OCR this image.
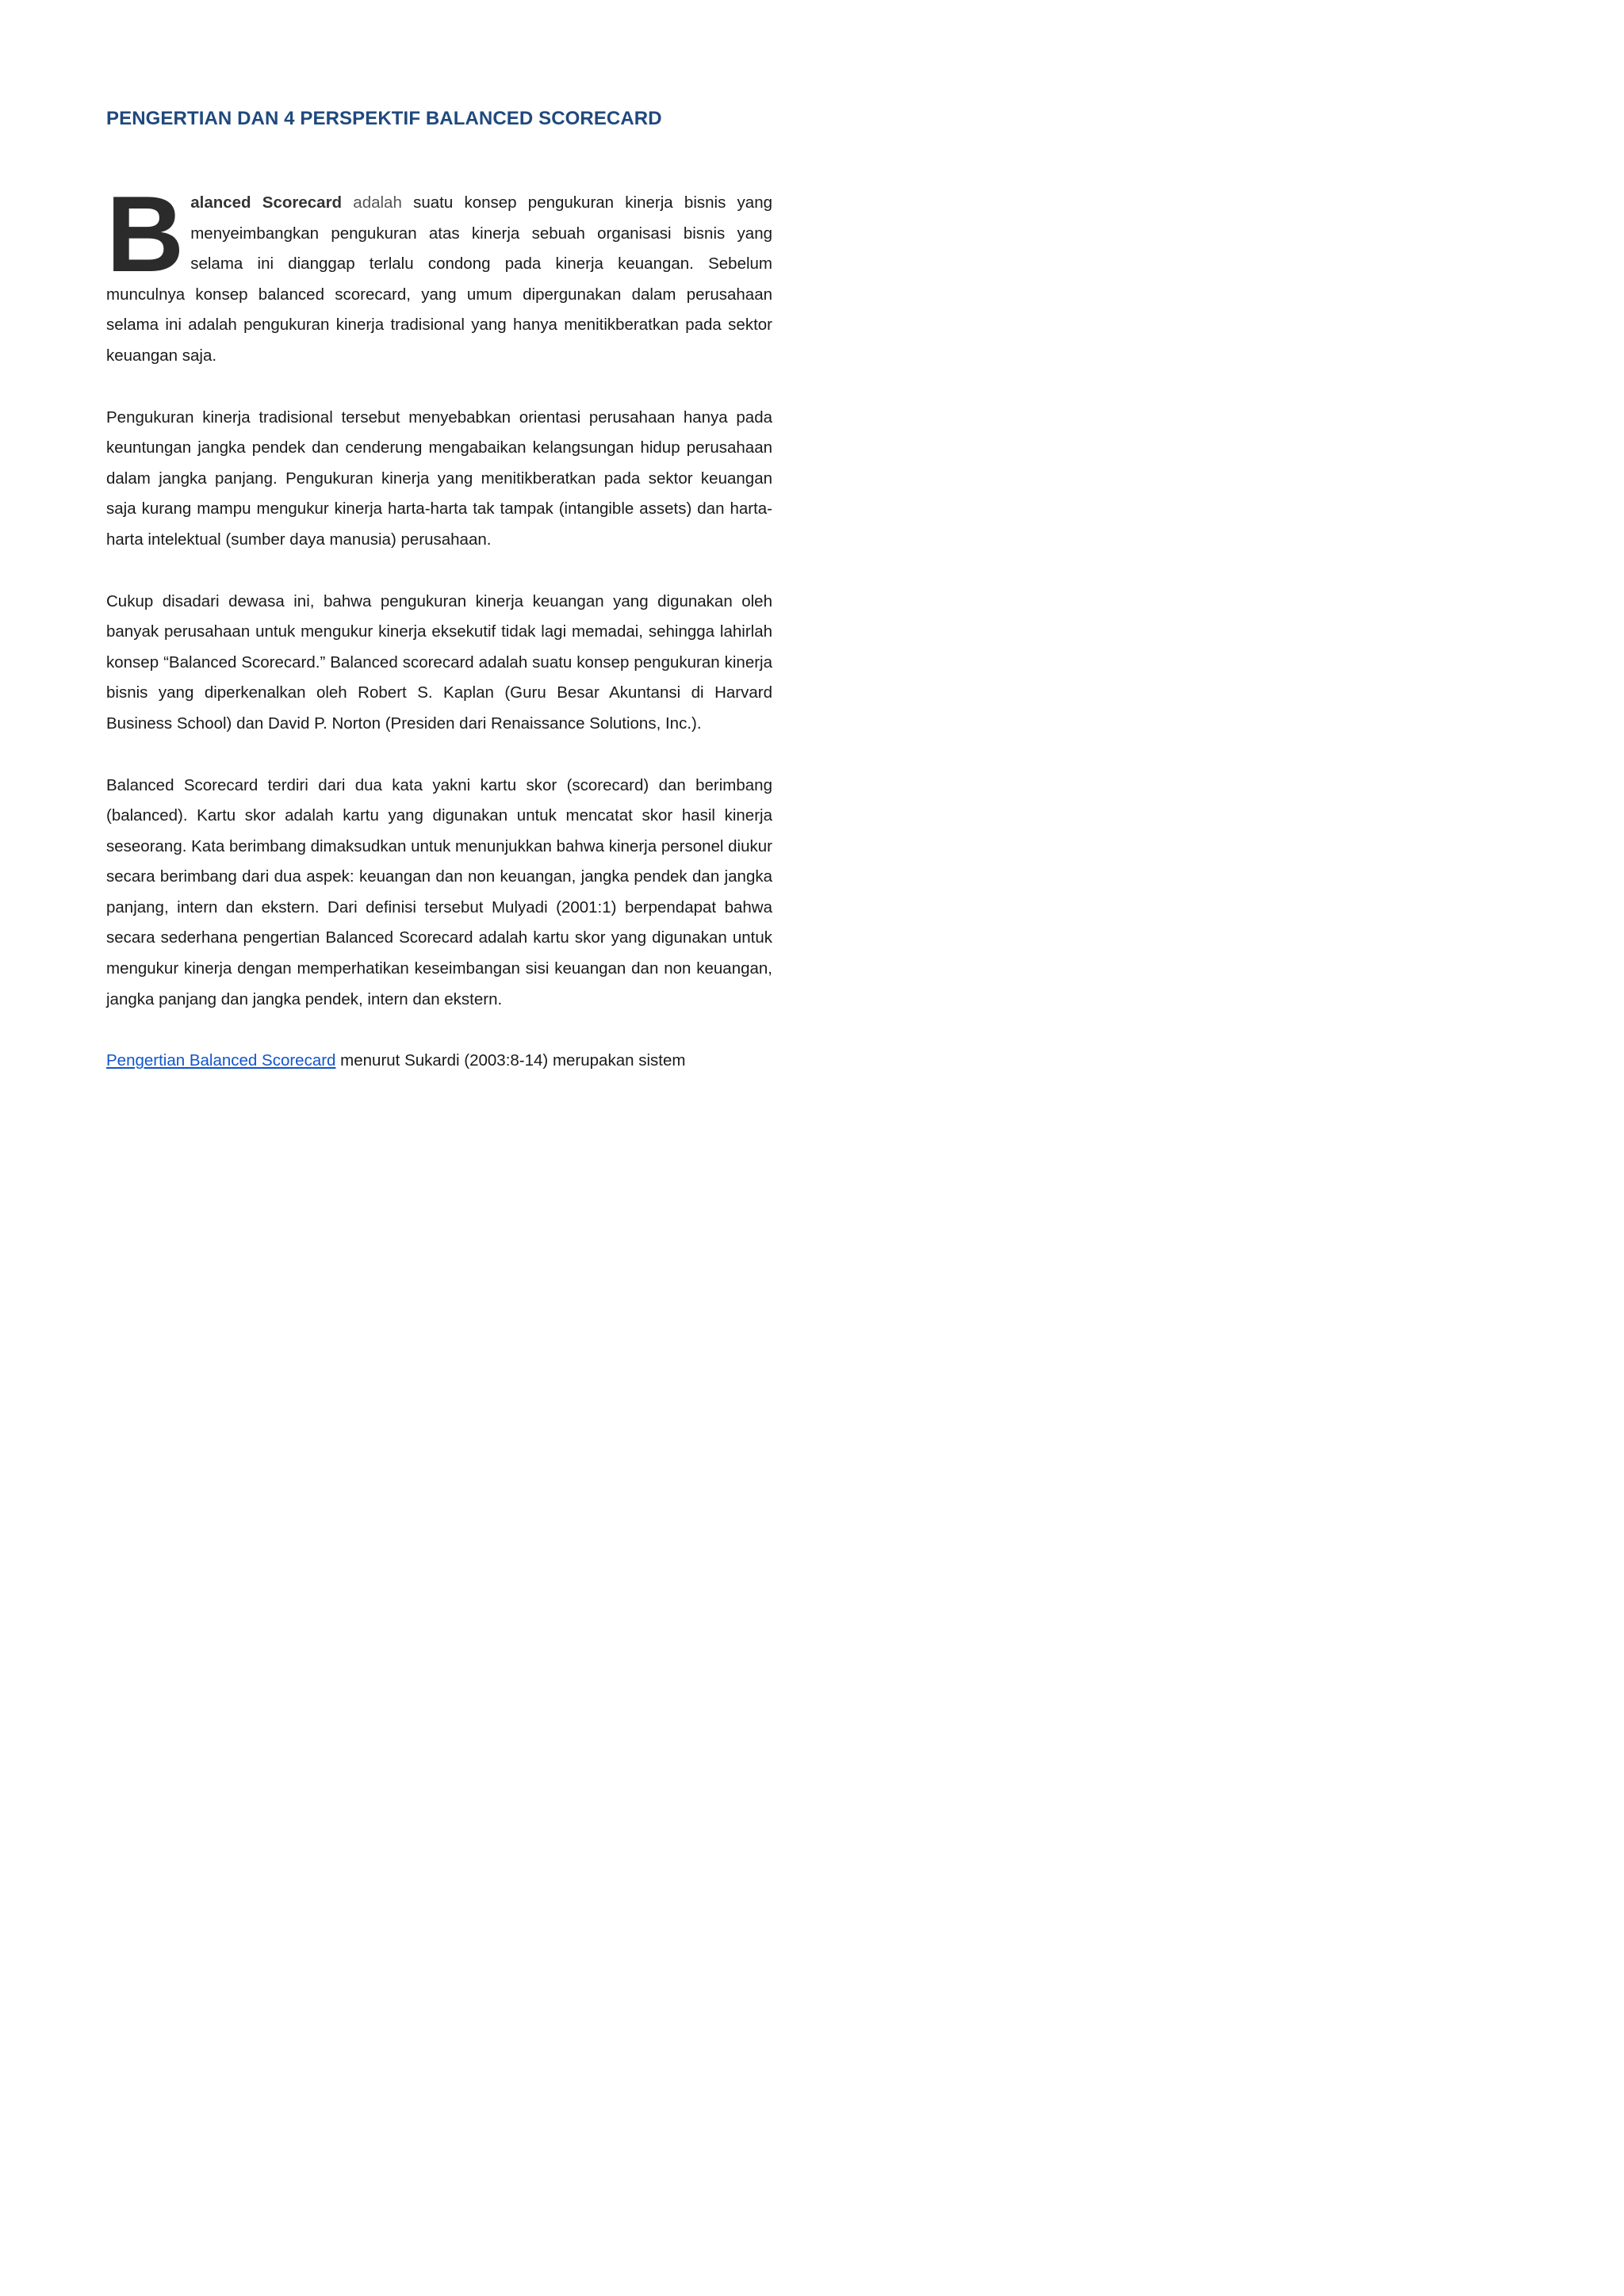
PENGERTIAN DAN 4 PERSPEKTIF BALANCED SCORECARD

Balanced Scorecard adalah suatu konsep pengukuran kinerja bisnis yang menyeimbangkan pengukuran atas kinerja sebuah organisasi bisnis yang selama ini dianggap terlalu condong pada kinerja keuangan. Sebelum munculnya konsep balanced scorecard, yang umum dipergunakan dalam perusahaan selama ini adalah pengukuran kinerja tradisional yang hanya menitikberatkan pada sektor keuangan saja.

Pengukuran kinerja tradisional tersebut menyebabkan orientasi perusahaan hanya pada keuntungan jangka pendek dan cenderung mengabaikan kelangsungan hidup perusahaan dalam jangka panjang. Pengukuran kinerja yang menitikberatkan pada sektor keuangan saja kurang mampu mengukur kinerja harta-harta tak tampak (intangible assets) dan harta-harta intelektual (sumber daya manusia) perusahaan.

Cukup disadari dewasa ini, bahwa pengukuran kinerja keuangan yang digunakan oleh banyak perusahaan untuk mengukur kinerja eksekutif tidak lagi memadai, sehingga lahirlah konsep “Balanced Scorecard.” Balanced scorecard adalah suatu konsep pengukuran kinerja bisnis yang diperkenalkan oleh Robert S. Kaplan (Guru Besar Akuntansi di Harvard Business School) dan David P. Norton (Presiden dari Renaissance Solutions, Inc.).

Balanced Scorecard terdiri dari dua kata yakni kartu skor (scorecard) dan berimbang (balanced). Kartu skor adalah kartu yang digunakan untuk mencatat skor hasil kinerja seseorang. Kata berimbang dimaksudkan untuk menunjukkan bahwa kinerja personel diukur secara berimbang dari dua aspek: keuangan dan non keuangan, jangka pendek dan jangka panjang, intern dan ekstern. Dari definisi tersebut Mulyadi (2001:1) berpendapat bahwa secara sederhana pengertian Balanced Scorecard adalah kartu skor yang digunakan untuk mengukur kinerja dengan memperhatikan keseimbangan sisi keuangan dan non keuangan, jangka panjang dan jangka pendek, intern dan ekstern.

Pengertian Balanced Scorecard menurut Sukardi (2003:8-14) merupakan sistem
